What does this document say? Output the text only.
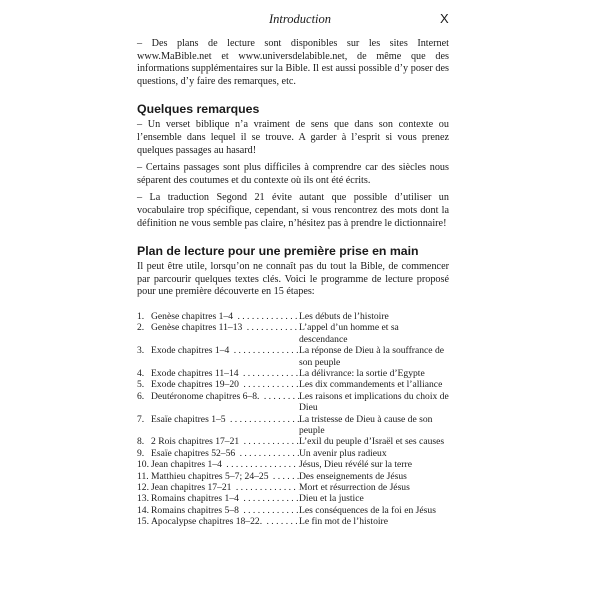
Introduction	X

– Des plans de lecture sont disponibles sur les sites Internet www.MaBible.net et www.universdelabible.net, de même que des informations supplémentaires sur la Bible. Il est aussi possible d’y poser des questions, d’y faire des remarques, etc.

Quelques remarques

– Un verset biblique n’a vraiment de sens que dans son contexte ou l’ensemble dans lequel il se trouve. A garder à l’esprit si vous prenez quelques passages au hasard!

– Certains passages sont plus difficiles à comprendre car des siècles nous séparent des coutumes et du contexte où ils ont été écrits.

– La traduction Segond 21 évite autant que possible d’utiliser un vocabulaire trop spécifique, cependant, si vous rencontrez des mots dont la définition ne vous semble pas claire, n’hésitez pas à prendre le dictionnaire!

Plan de lecture pour une première prise en main

Il peut être utile, lorsqu’on ne connaît pas du tout la Bible, de commencer par parcourir quelques textes clés. Voici le programme de lecture proposé pour une première découverte en 15 étapes:

1. Genèse chapitres 1–4 . . .	Les débuts de l’histoire
2. Genèse chapitres 11–13 . . .	L’appel d’un homme et sa descendance
3. Exode chapitres 1–4 . . .	La réponse de Dieu à la souffrance de son peuple
4. Exode chapitres 11–14 . . .	La délivrance: la sortie d’Egypte
5. Exode chapitres 19–20 . . .	Les dix commandements et l’alliance
6. Deutéronome chapitres 6–8. . . .	Les raisons et implications du choix de Dieu
7. Esaïe chapitres 1–5 . . .	La tristesse de Dieu à cause de son peuple
8. 2 Rois chapitres 17–21 . . .	L’exil du peuple d’Israël et ses causes
9. Esaïe chapitres 52–56 . . .	Un avenir plus radieux
10. Jean chapitres 1–4 . . .	Jésus, Dieu révélé sur la terre
11. Matthieu chapitres 5–7; 24–25 . . .	Des enseignements de Jésus
12. Jean chapitres 17–21 . . .	Mort et résurrection de Jésus
13. Romains chapitres 1–4 . . .	Dieu et la justice
14. Romains chapitres 5–8 . . .	Les conséquences de la foi en Jésus
15. Apocalypse chapitres 18–22. . . .	Le fin mot de l’histoire
